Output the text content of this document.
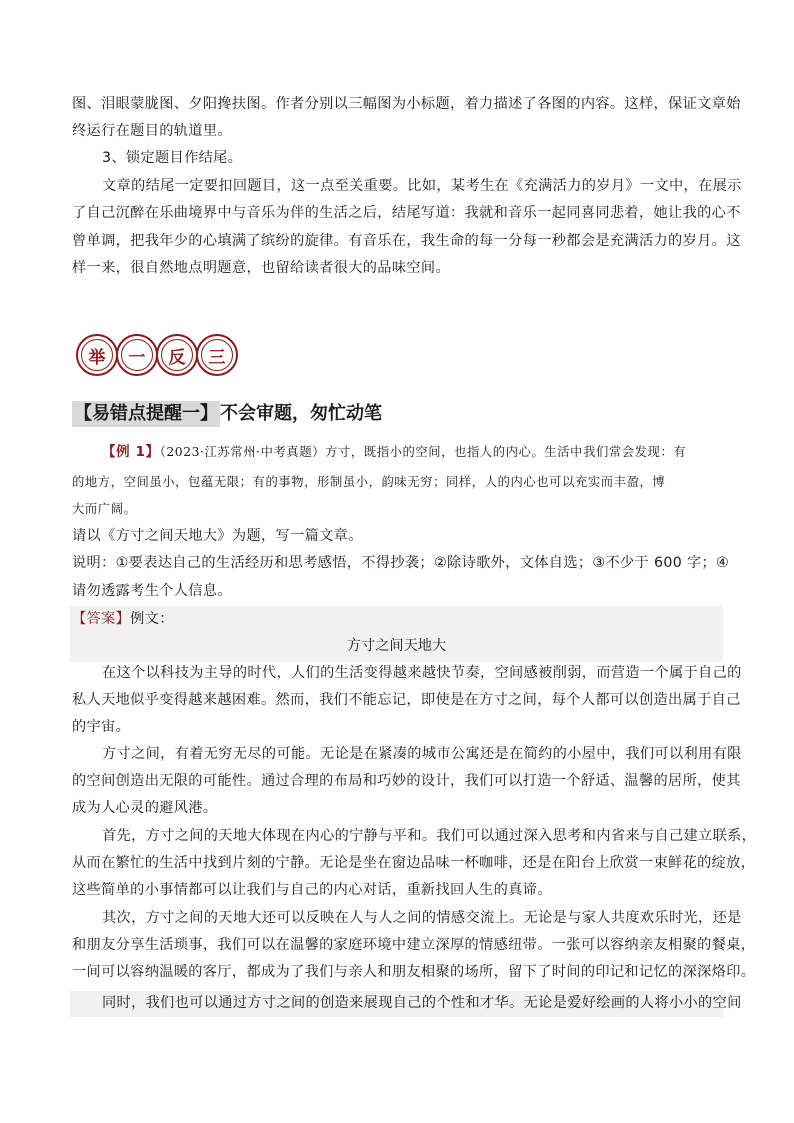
图、泪眼蒙胧图、夕阳搀扶图。作者分别以三幅图为小标题，着力描述了各图的内容。这样，保证文章始
终运行在题目的轨道里。
3、锁定题目作结尾。
文章的结尾一定要扣回题目，这一点至关重要。比如，某考生在《充满活力的岁月》一文中，在展示
了自己沉醉在乐曲境界中与音乐为伴的生活之后，结尾写道：我就和音乐一起同喜同悲着，她让我的心不
曾单调，把我年少的心填满了缤纷的旋律。有音乐在，我生命的每一分每一秒都会是充满活力的岁月。这
样一来，很自然地点明题意，也留给读者很大的品味空间。
举 一 反 三
【易错点提醒一】 不会审题，匆忙动笔
【例 1】（2023·江苏常州·中考真题）方寸，既指小的空间，也指人的内心。生活中我们常会发现：有
的地方，空间虽小，包蕴无限；有的事物，形制虽小，韵味无穷；同样，人的内心也可以充实而丰盈，博
大而广阔。
请以《方寸之间天地大》为题，写一篇文章。
说明：①要表达自己的生活经历和思考感悟，不得抄袭；②除诗歌外，文体自选；③不少于 600 字；④
请勿透露考生个人信息。
【答案】例文：
方寸之间天地大
在这个以科技为主导的时代，人们的生活变得越来越快节奏，空间感被削弱，而营造一个属于自己的
私人天地似乎变得越来越困难。然而，我们不能忘记，即使是在方寸之间，每个人都可以创造出属于自己
的宇宙。
方寸之间，有着无穷无尽的可能。无论是在紧凑的城市公寓还是在简约的小屋中，我们可以利用有限
的空间创造出无限的可能性。通过合理的布局和巧妙的设计，我们可以打造一个舒适、温馨的居所，使其
成为人心灵的避风港。
首先，方寸之间的天地大体现在内心的宁静与平和。我们可以通过深入思考和内省来与自己建立联系，
从而在繁忙的生活中找到片刻的宁静。无论是坐在窗边品味一杯咖啡，还是在阳台上欣赏一束鲜花的绽放，
这些简单的小事情都可以让我们与自己的内心对话，重新找回人生的真谛。
其次，方寸之间的天地大还可以反映在人与人之间的情感交流上。无论是与家人共度欢乐时光，还是
和朋友分享生活琐事，我们可以在温馨的家庭环境中建立深厚的情感纽带。一张可以容纳亲友相聚的餐桌，
一间可以容纳温暖的客厅，都成为了我们与亲人和朋友相聚的场所，留下了时间的印记和记忆的深深烙印。
同时，我们也可以通过方寸之间的创造来展现自己的个性和才华。无论是爱好绘画的人将小小的空间
